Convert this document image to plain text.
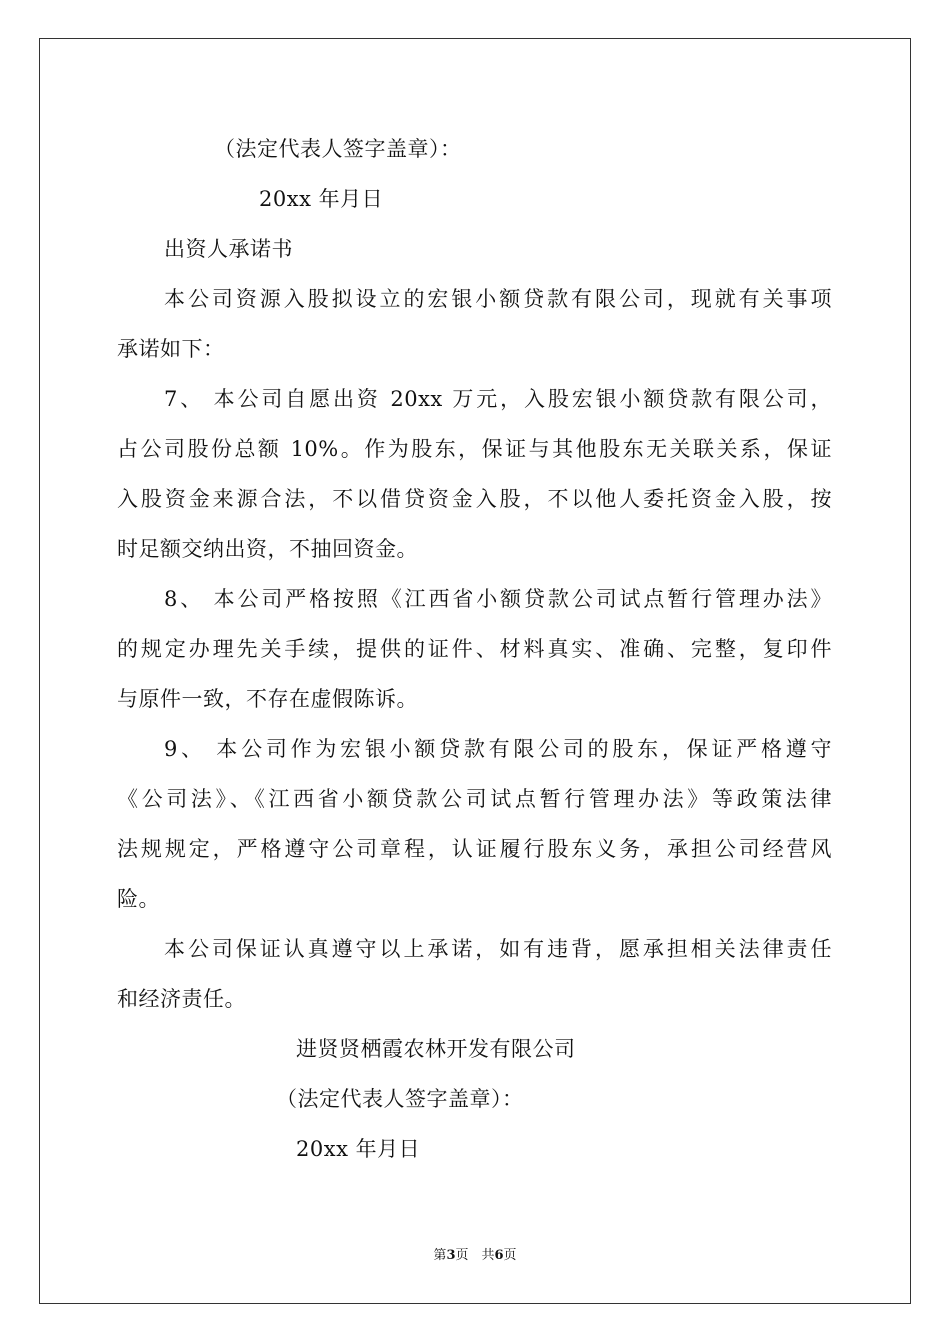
（法定代表人签字盖章）：
20xx 年月日
出资人承诺书
本公司资源入股拟设立的宏银小额贷款有限公司，现就有关事项
承诺如下：
7、 本公司自愿出资 20xx 万元，入股宏银小额贷款有限公司，
占公司股份总额 10%。作为股东，保证与其他股东无关联关系，保证
入股资金来源合法，不以借贷资金入股，不以他人委托资金入股，按
时足额交纳出资，不抽回资金。
8、 本公司严格按照《江西省小额贷款公司试点暂行管理办法》
的规定办理先关手续，提供的证件、材料真实、准确、完整，复印件
与原件一致，不存在虚假陈诉。
9、 本公司作为宏银小额贷款有限公司的股东，保证严格遵守
《公司法》、《江西省小额贷款公司试点暂行管理办法》等政策法律
法规规定，严格遵守公司章程，认证履行股东义务，承担公司经营风
险。
本公司保证认真遵守以上承诺，如有违背，愿承担相关法律责任
和经济责任。
进贤贤栖霞农林开发有限公司
（法定代表人签字盖章）：
20xx 年月日
第3页　共6页
